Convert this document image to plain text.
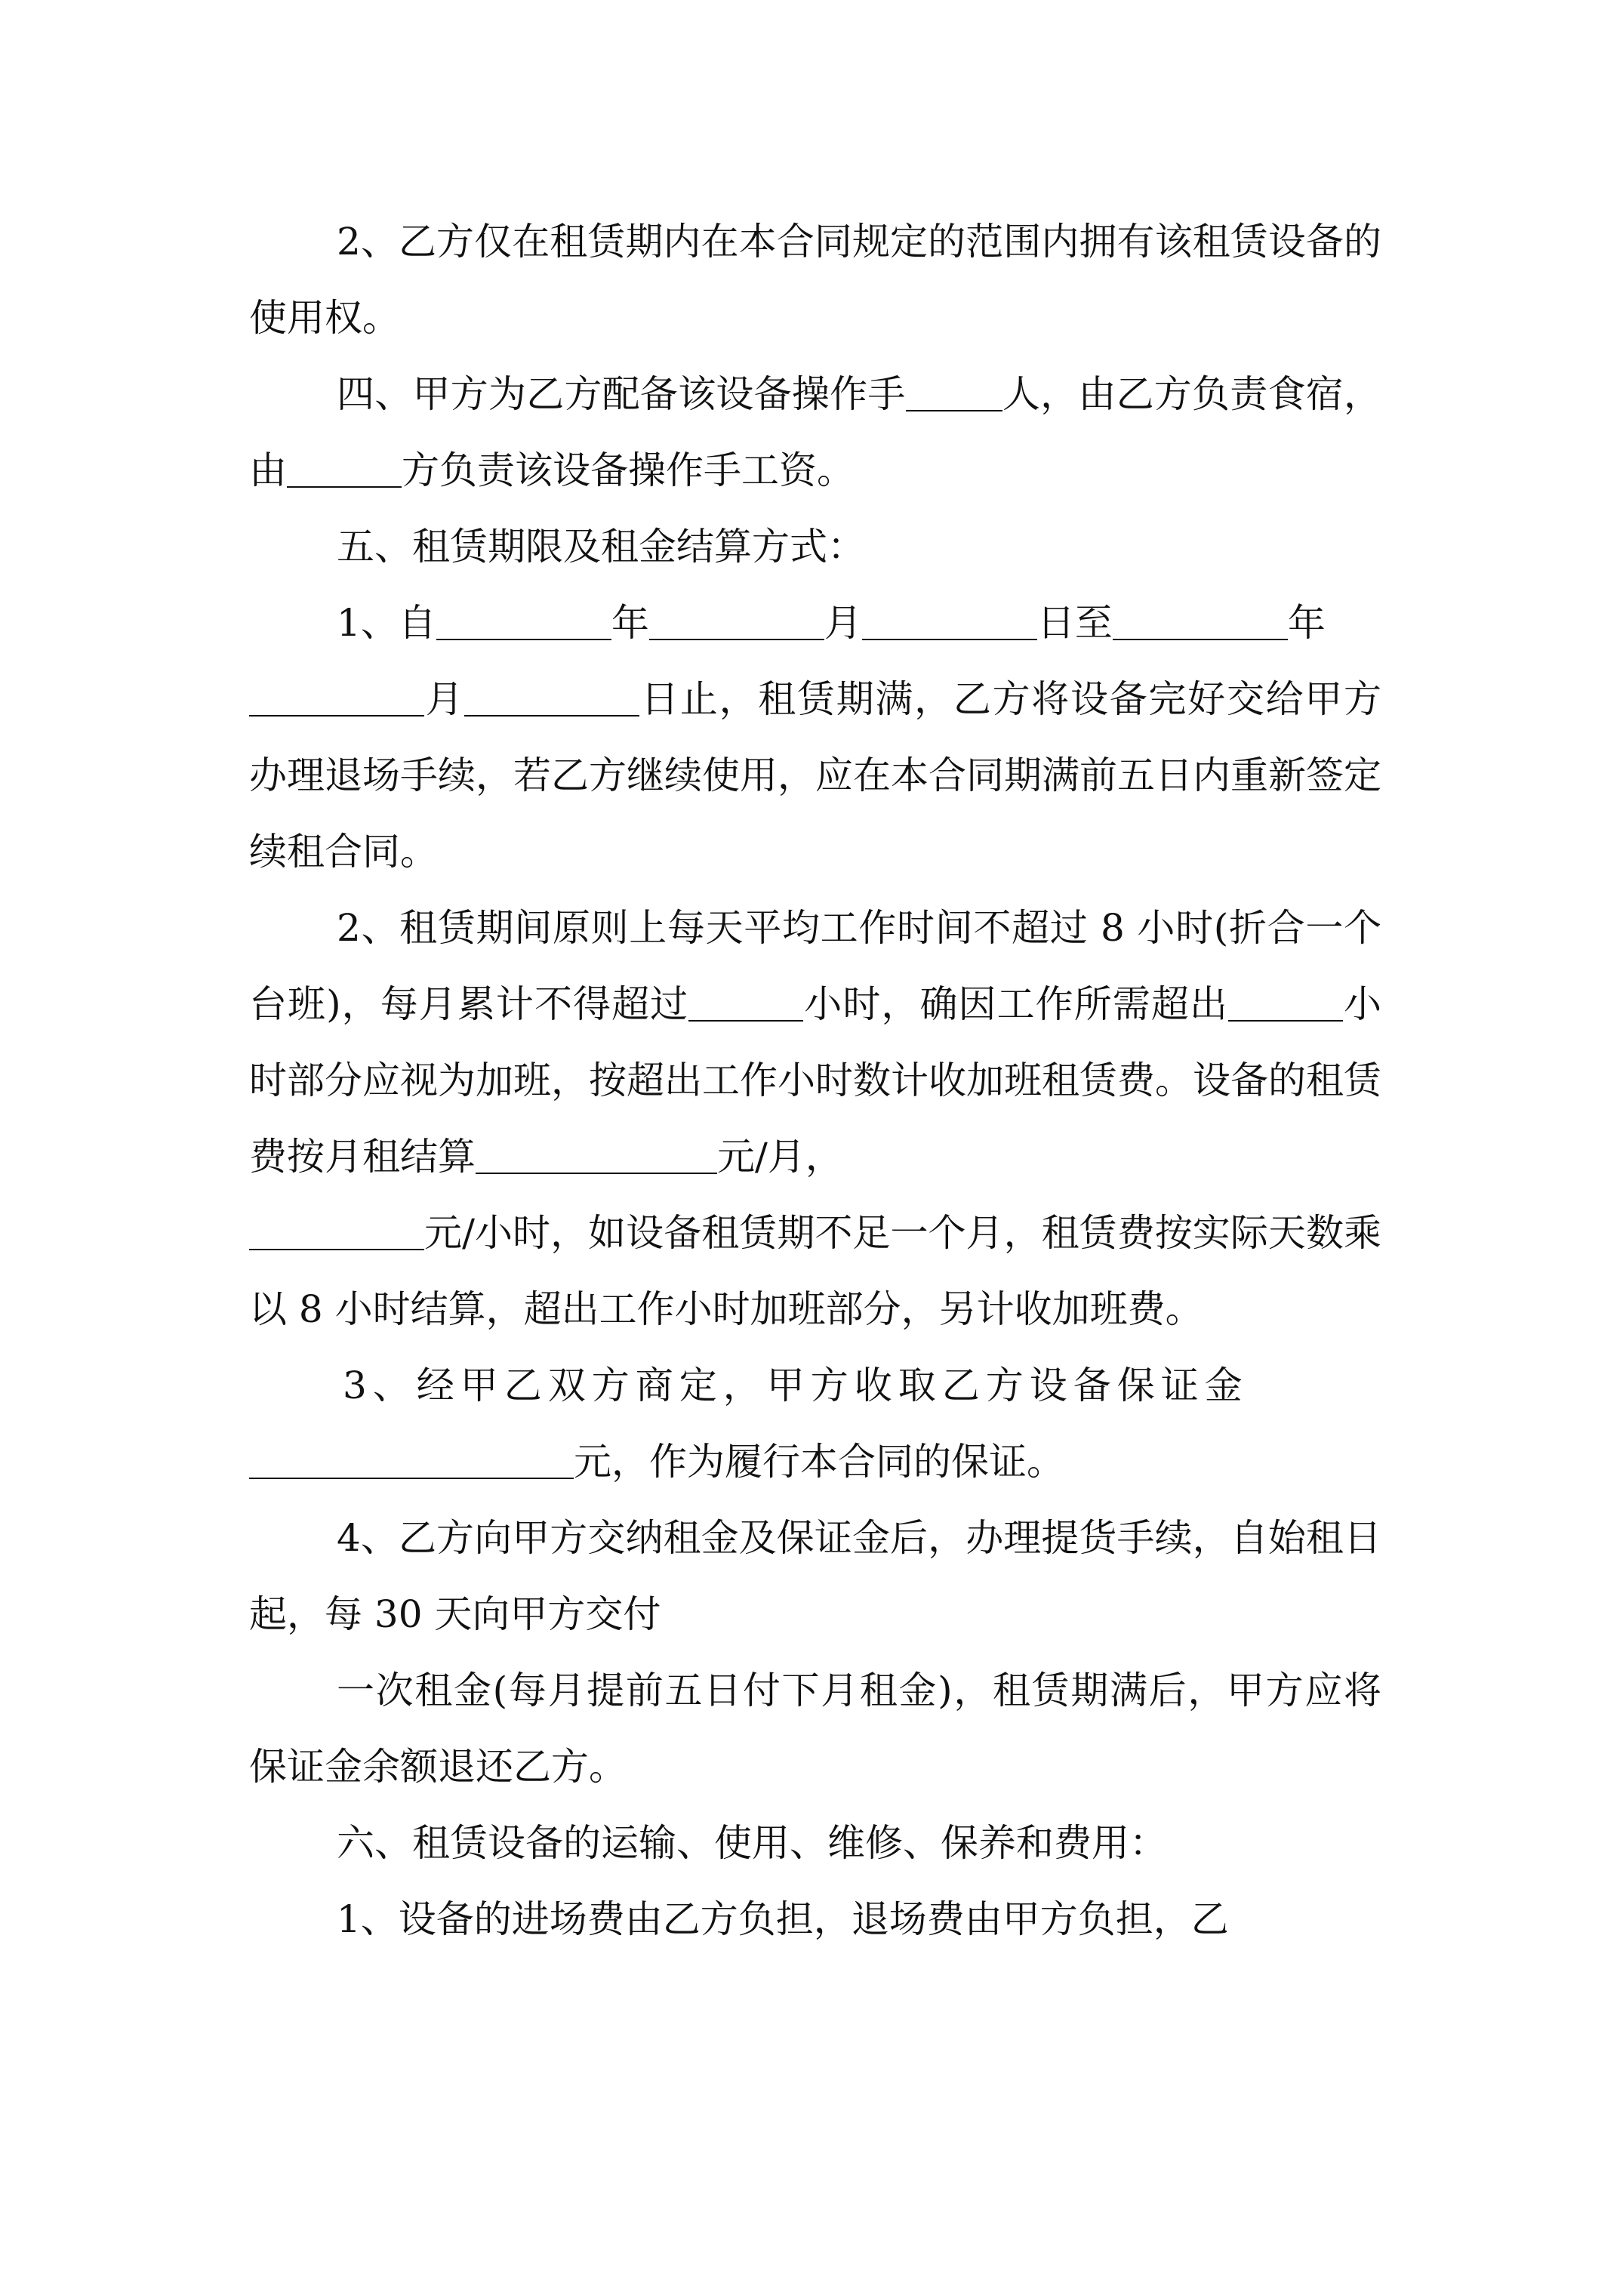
2、乙方仅在租赁期内在本合同规定的范围内拥有该租赁设备的使用权。

四、甲方为乙方配备该设备操作手	人，由乙方负责食宿，由	方负责该设备操作手工资。

五、租赁期限及租金结算方式：

1、自	年	月	日至	年
月	日止，租赁期满，乙方将设备完好交给甲方办理退场手续，若乙方继续使用，应在本合同期满前五日内重新签定续租合同。

2、租赁期间原则上每天平均工作时间不超过 8 小时(折合一个台班)，每月累计不得超过	小时，确因工作所需超出	小时部分应视为加班，按超出工作小时数计收加班租赁费。设备的租赁费按月租结算	元/月，
元/小时，如设备租赁期不足一个月，租赁费按实际天数乘以 8 小时结算，超出工作小时加班部分，另计收加班费。

3、经甲乙双方商定，甲方收取乙方设备保证金
元，作为履行本合同的保证。

4、乙方向甲方交纳租金及保证金后，办理提货手续，自始租日起，每 30 天向甲方交付

一次租金(每月提前五日付下月租金)，租赁期满后，甲方应将保证金余额退还乙方。

六、租赁设备的运输、使用、维修、保养和费用：

1、设备的进场费由乙方负担，退场费由甲方负担，乙
